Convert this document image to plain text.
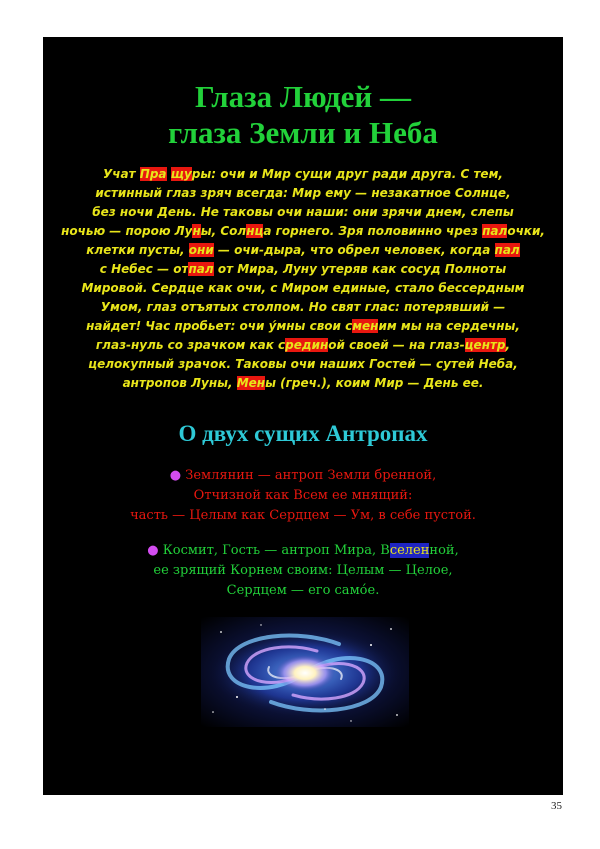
Глаза Людей —
глаза Земли и Неба
Учат Пра щуры: очи и Мир сущи друг ради друга. С тем,
истинный глаз зряч всегда: Мир ему — незакатное Солнце,
без ночи День. Не таковы очи наши: они зрячи днем, слепы
ночью — порою Луны, Солнца горнего. Зря половинно чрез палочки,
клетки пусты, они — очи-дыра, что обрел человек, когда пал
с Небес — отпал от Мира, Луну утеряв как сосуд Полноты
Мировой. Сердце как очи, с Миром единые, стало бессердным
Умом, глаз отъятых столпом. Но свят глас: потерявший —
найдет! Час пробьет: очи у́мны свои сменим мы на сердечны,
глаз-нуль со зрачком как срединой своей — на глаз-центр,
целокупный зрачок. Таковы очи наших Гостей — сутей Неба,
антропов Луны, Мены (греч.), коим Мир — День ее.
О двух сущих Антропах
● Землянин — антроп Земли бренной,
Отчизной как Всем ее мнящий:
часть — Целым как Сердцем — Ум, в себе пустой.
● Космит, Гость — антроп Мира, Вселенной,
ее зрящий Корнем своим: Целым — Целое,
Сердцем — его само́е.
35
